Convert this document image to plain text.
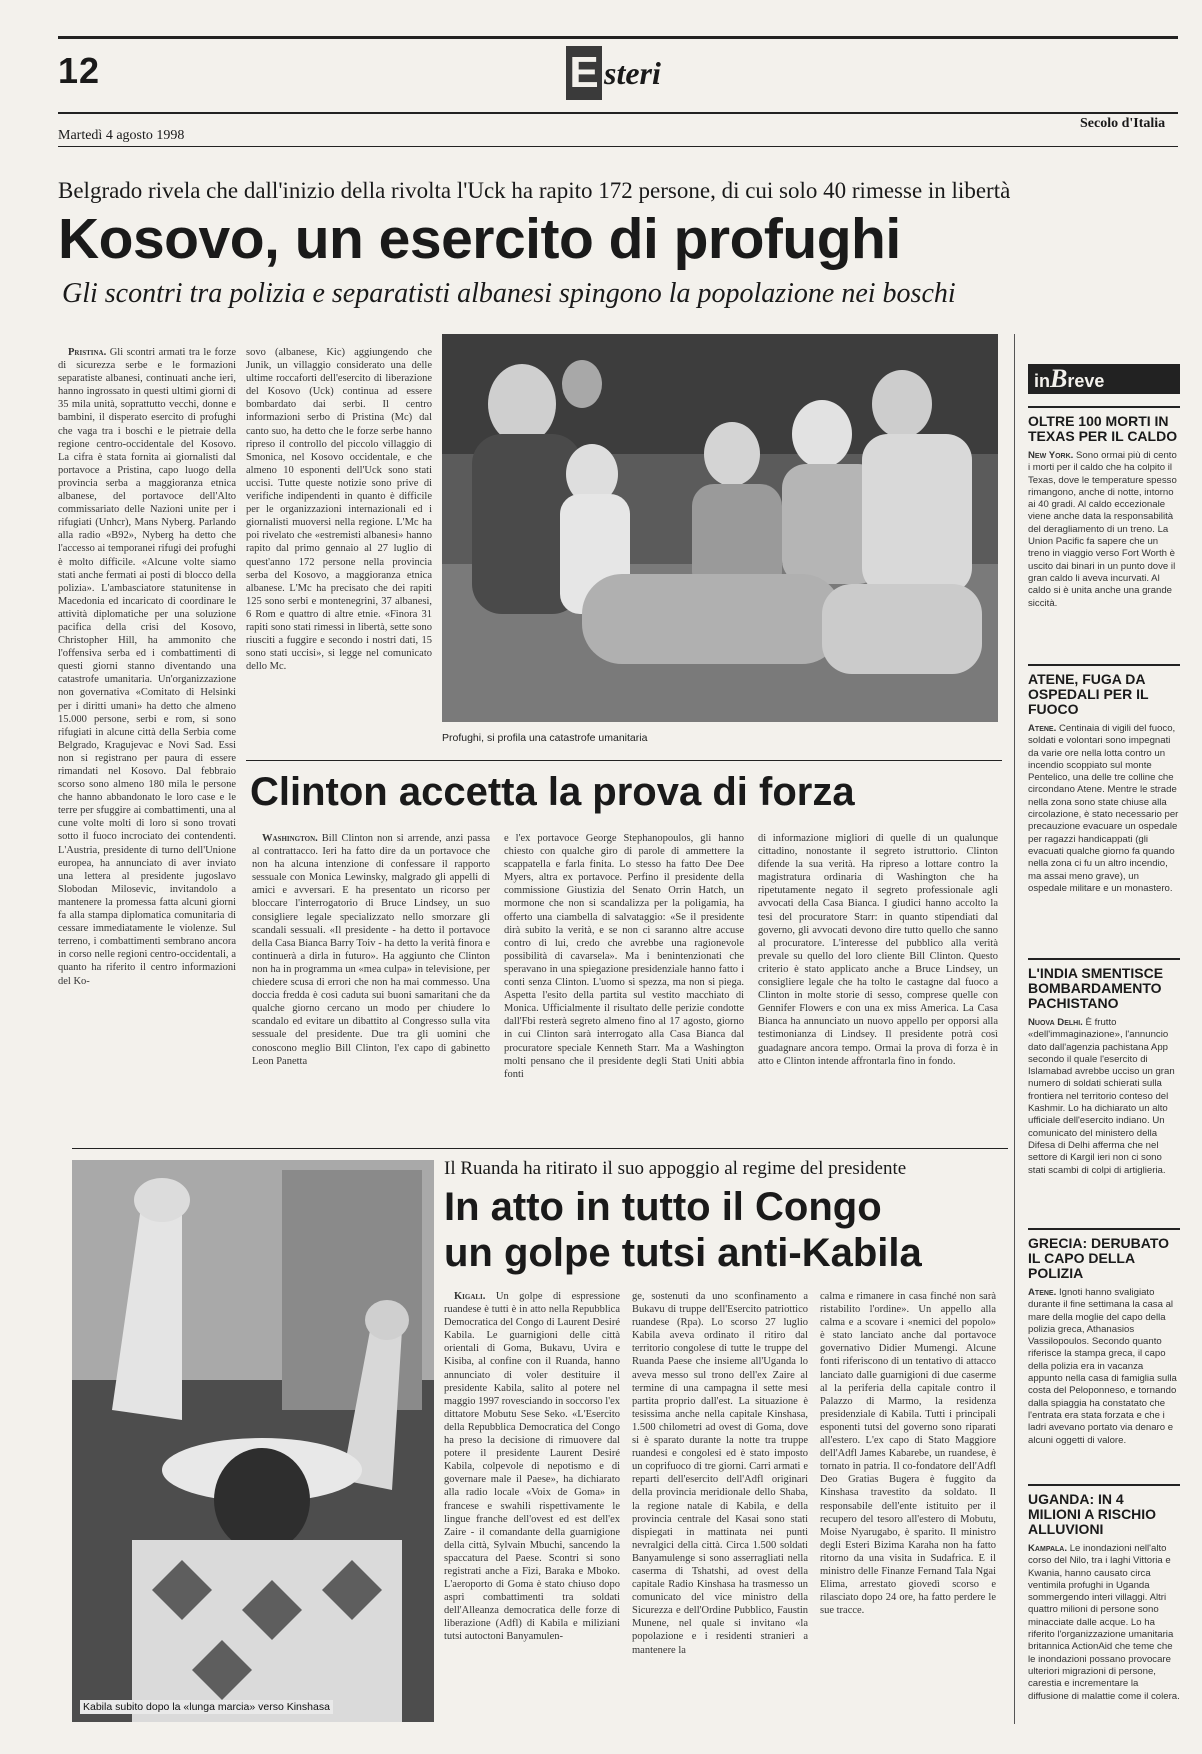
12	E steri
Martedì 4 agosto 1998
Secolo d'Italia
Belgrado rivela che dall'inizio della rivolta l'Uck ha rapito 172 persone, di cui solo 40 rimesse in libertà
Kosovo, un esercito di profughi
Gli scontri tra polizia e separatisti albanesi spingono la popolazione nei boschi

Pristina. Gli scontri armati tra le forze di sicurezza serbe e le formazioni separatiste albanesi, continuati anche ieri, hanno ingrossato in questi ultimi giorni di 35 mila unità, soprattutto vecchi, donne e bambini, il disperato esercito di profughi che vaga tra i boschi e le pietraie della regione centro-occidentale del Kosovo. La cifra è stata fornita ai giornalisti dal portavoce a Pristina, capo luogo della provincia serba a maggioranza etnica albanese, del portavoce dell'Alto commissariato delle Nazioni unite per i rifugiati (Unhcr), Mans Nyberg. Parlando alla radio «B92», Nyberg ha detto che l'accesso ai temporanei rifugi dei profughi è molto difficile. «Alcune volte siamo stati anche fermati ai posti di blocco della polizia». L'ambasciatore statunitense in Macedonia ed incaricato di coordinare le attività diplomatiche per una soluzione pacifica della crisi del Kosovo, Christopher Hill, ha ammonito che l'offensiva serba ed i combattimenti di questi giorni stanno diventando una catastrofe umanitaria. Un'organizzazione non governativa «Comitato di Helsinki per i diritti umani» ha detto che almeno 15.000 persone, serbi e rom, si sono rifugiati in alcune città della Serbia come Belgrado, Kragujevac e Novi Sad. Essi non si registrano per paura di essere rimandati nel Kosovo. Dal febbraio scorso sono almeno 180 mila le persone che hanno abbandonato le loro case e le terre per sfuggire ai combattimenti, una al cune volte molti di loro si sono trovati sotto il fuoco incrociato dei contendenti. L'Austria, presidente di turno dell'Unione europea, ha annunciato di aver inviato una lettera al presidente jugoslavo Slobodan Milosevic, invitandolo a mantenere la promessa fatta alcuni giorni fa alla stampa diplomatica comunitaria di cessare immediatamente le violenze. Sul terreno, i combattimenti sembrano ancora in corso nelle regioni centro-occidentali, a quanto ha riferito il centro informazioni del Ko-

sovo (albanese, Kic) aggiungendo che Junik, un villaggio considerato una delle ultime roccaforti dell'esercito di liberazione del Kosovo (Uck) continua ad essere bombardato dai serbi. Il centro informazioni serbo di Pristina (Mc) dal canto suo, ha detto che le forze serbe hanno ripreso il controllo del piccolo villaggio di Smonica, nel Kosovo occidentale, e che almeno 10 esponenti dell'Uck sono stati uccisi. Tutte queste notizie sono prive di verifiche indipendenti in quanto è difficile per le organizzazioni internazionali ed i giornalisti muoversi nella regione. L'Mc ha poi rivelato che «estremisti albanesi» hanno rapito dal primo gennaio al 27 luglio di quest'anno 172 persone nella provincia serba del Kosovo, a maggioranza etnica albanese. L'Mc ha precisato che dei rapiti 125 sono serbi e montenegrini, 37 albanesi, 6 Rom e quattro di altre etnie. «Finora 31 rapiti sono stati rimessi in libertà, sette sono riusciti a fuggire e secondo i nostri dati, 15 sono stati uccisi», si legge nel comunicato dello Mc.

Profughi, si profila una catastrofe umanitaria
Clinton accetta la prova di forza

Washington. Bill Clinton non si arrende, anzi passa al contrattacco. Ieri ha fatto dire da un portavoce che non ha alcuna intenzione di confessare il rapporto sessuale con Monica Lewinsky, malgrado gli appelli di amici e avversari. E ha presentato un ricorso per bloccare l'interrogatorio di Bruce Lindsey, un suo consigliere legale specializzato nello smorzare gli scandali sessuali. «Il presidente - ha detto il portavoce della Casa Bianca Barry Toiv - ha detto la verità finora e continuerà a dirla in futuro». Ha aggiunto che Clinton non ha in programma un «mea culpa» in televisione, per chiedere scusa di errori che non ha mai commesso. Una doccia fredda è così caduta sui buoni samaritani che da qualche giorno cercano un modo per chiudere lo scandalo ed evitare un dibattito al Congresso sulla vita sessuale del presidente. Due tra gli uomini che conoscono meglio Bill Clinton, l'ex capo di gabinetto Leon Panetta

e l'ex portavoce George Stephanopoulos, gli hanno chiesto con qualche giro di parole di ammettere la scappatella e farla finita. Lo stesso ha fatto Dee Dee Myers, altra ex portavoce. Perfino il presidente della commissione Giustizia del Senato Orrin Hatch, un mormone che non si scandalizza per la poligamia, ha offerto una ciambella di salvataggio: «Se il presidente dirà subito la verità, e se non ci saranno altre accuse contro di lui, credo che avrebbe una ragionevole possibilità di cavarsela». Ma i benintenzionati che speravano in una spiegazione presidenziale hanno fatto i conti senza Clinton. L'uomo si spezza, ma non si piega. Aspetta l'esito della partita sul vestito macchiato di Monica. Ufficialmente il risultato delle perizie condotte dall'Fbi resterà segreto almeno fino al 17 agosto, giorno in cui Clinton sarà interrogato alla Casa Bianca dal procuratore speciale Kenneth Starr. Ma a Washington molti pensano che il presidente degli Stati Uniti abbia fonti

di informazione migliori di quelle di un qualunque cittadino, nonostante il segreto istruttorio. Clinton difende la sua verità. Ha ripreso a lottare contro la magistratura ordinaria di Washington che ha ripetutamente negato il segreto professionale agli avvocati della Casa Bianca. I giudici hanno accolto la tesi del procuratore Starr: in quanto stipendiati dal governo, gli avvocati devono dire tutto quello che sanno al procuratore. L'interesse del pubblico alla verità prevale su quello del loro cliente Bill Clinton. Questo criterio è stato applicato anche a Bruce Lindsey, un consigliere legale che ha tolto le castagne dal fuoco a Clinton in molte storie di sesso, comprese quelle con Gennifer Flowers e con una ex miss America. La Casa Bianca ha annunciato un nuovo appello per opporsi alla testimonianza di Lindsey. Il presidente potrà così guadagnare ancora tempo. Ormai la prova di forza è in atto e Clinton intende affrontarla fino in fondo.

Kabila subito dopo la «lunga marcia» verso Kinshasa
Il Ruanda ha ritirato il suo appoggio al regime del presidente
In atto in tutto il Congo
un golpe tutsi anti-Kabila

Kigali. Un golpe di espressione ruandese è tutti è in atto nella Repubblica Democratica del Congo di Laurent Desiré Kabila. Le guarnigioni delle città orientali di Goma, Bukavu, Uvira e Kisiba, al confine con il Ruanda, hanno annunciato di voler destituire il presidente Kabila, salito al potere nel maggio 1997 rovesciando in soccorso l'ex dittatore Mobutu Sese Seko. «L'Esercito della Repubblica Democratica del Congo ha preso la decisione di rimuovere dal potere il presidente Laurent Desiré Kabila, colpevole di nepotismo e di governare male il Paese», ha dichiarato alla radio locale «Voix de Goma» in francese e swahili rispettivamente le lingue franche dell'ovest ed est dell'ex Zaire - il comandante della guarnigione della città, Sylvain Mbuchi, sancendo la spaccatura del Paese. Scontri si sono registrati anche a Fizi, Baraka e Mboko. L'aeroporto di Goma è stato chiuso dopo aspri combattimenti tra soldati dell'Alleanza democratica delle forze di liberazione (Adfl) di Kabila e miliziani tutsi autoctoni Banyamulen-

ge, sostenuti da uno sconfinamento a Bukavu di truppe dell'Esercito patriottico ruandese (Rpa). Lo scorso 27 luglio Kabila aveva ordinato il ritiro dal territorio congolese di tutte le truppe del Ruanda Paese che insieme all'Uganda lo aveva messo sul trono dell'ex Zaire al termine di una campagna il sette mesi partita proprio dall'est. La situazione è tesissima anche nella capitale Kinshasa, 1.500 chilometri ad ovest di Goma, dove si è sparato durante la notte tra truppe ruandesi e congolesi ed è stato imposto un coprifuoco di tre giorni. Carri armati e reparti dell'esercito dell'Adfl originari della provincia meridionale dello Shaba, la regione natale di Kabila, e della provincia centrale del Kasai sono stati dispiegati in mattinata nei punti nevralgici della città. Circa 1.500 soldati Banyamulenge si sono asserragliati nella caserma di Tshatshi, ad ovest della capitale Radio Kinshasa ha trasmesso un comunicato del vice ministro della Sicurezza e dell'Ordine Pubblico, Faustin Munene, nel quale si invitano «la popolazione e i residenti stranieri a mantenere la

calma e rimanere in casa finché non sarà ristabilito l'ordine». Un appello alla calma e a scovare i «nemici del popolo» è stato lanciato anche dal portavoce governativo Didier Mumengi. Alcune fonti riferiscono di un tentativo di attacco lanciato dalle guarnigioni di due caserme al la periferia della capitale contro il Palazzo di Marmo, la residenza presidenziale di Kabila. Tutti i principali esponenti tutsi del governo sono riparati all'estero. L'ex capo di Stato Maggiore dell'Adfl James Kabarebe, un ruandese, è tornato in patria. Il co-fondatore dell'Adfl Deo Gratias Bugera è fuggito da Kinshasa travestito da soldato. Il responsabile dell'ente istituito per il recupero del tesoro all'estero di Mobutu, Moise Nyarugabo, è sparito. Il ministro degli Esteri Bizima Karaha non ha fatto ritorno da una visita in Sudafrica. E il ministro delle Finanze Fernand Tala Ngai Elima, arrestato giovedì scorso e rilasciato dopo 24 ore, ha fatto perdere le sue tracce.

inBreve

OLTRE 100 MORTI IN TEXAS PER IL CALDO

New York. Sono ormai più di cento i morti per il caldo che ha colpito il Texas, dove le temperature spesso rimangono, anche di notte, intorno ai 40 gradi. Al caldo eccezionale viene anche data la responsabilità del deragliamento di un treno. La Union Pacific fa sapere che un treno in viaggio verso Fort Worth è uscito dai binari in un punto dove il gran caldo li aveva incurvati. Al caldo si è unita anche una grande siccità.

ATENE, FUGA DA OSPEDALI PER IL FUOCO

Atene. Centinaia di vigili del fuoco, soldati e volontari sono impegnati da varie ore nella lotta contro un incendio scoppiato sul monte Pentelico, una delle tre colline che circondano Atene. Mentre le strade nella zona sono state chiuse alla circolazione, è stato necessario per precauzione evacuare un ospedale per ragazzi handicappati (gli evacuati qualche giorno fa quando nella zona ci fu un altro incendio, ma assai meno grave), un ospedale militare e un monastero.

L'INDIA SMENTISCE BOMBARDAMENTO PACHISTANO

Nuova Delhi. È frutto «dell'immaginazione», l'annuncio dato dall'agenzia pachistana App secondo il quale l'esercito di Islamabad avrebbe ucciso un gran numero di soldati schierati sulla frontiera nel territorio conteso del Kashmir. Lo ha dichiarato un alto ufficiale dell'esercito indiano. Un comunicato del ministero della Difesa di Delhi afferma che nel settore di Kargil ieri non ci sono stati scambi di colpi di artiglieria.

GRECIA: DERUBATO IL CAPO DELLA POLIZIA

Atene. Ignoti hanno svaligiato durante il fine settimana la casa al mare della moglie del capo della polizia greca, Athanasios Vassilopoulos. Secondo quanto riferisce la stampa greca, il capo della polizia era in vacanza appunto nella casa di famiglia sulla costa del Peloponneso, e tornando dalla spiaggia ha constatato che l'entrata era stata forzata e che i ladri avevano portato via denaro e alcuni oggetti di valore.

UGANDA: IN 4 MILIONI A RISCHIO ALLUVIONI

Kampala. Le inondazioni nell'alto corso del Nilo, tra i laghi Vittoria e Kwania, hanno causato circa ventimila profughi in Uganda sommergendo interi villaggi. Altri quattro milioni di persone sono minacciate dalle acque. Lo ha riferito l'organizzazione umanitaria britannica ActionAid che teme che le inondazioni possano provocare ulteriori migrazioni di persone, carestia e incrementare la diffusione di malattie come il colera.
